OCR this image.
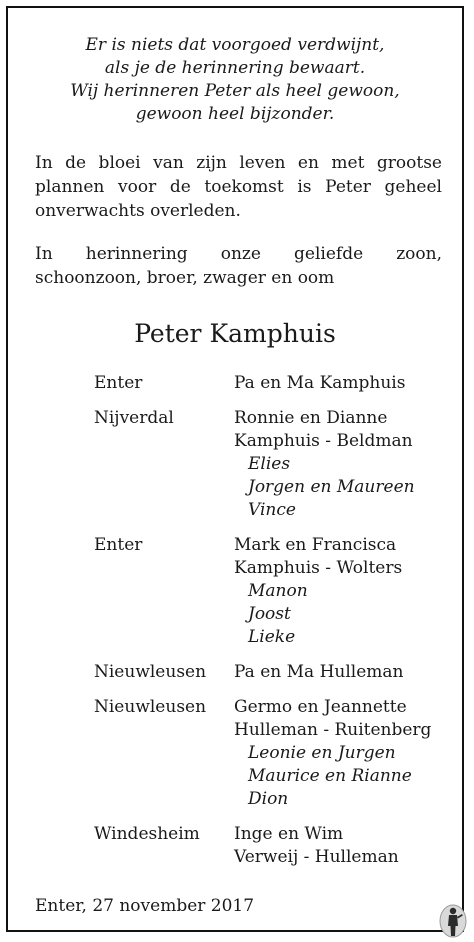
Er is niets dat voorgoed verdwijnt,
als je de herinnering bewaart.
Wij herinneren Peter als heel gewoon,
gewoon heel bijzonder.
In de bloei van zijn leven en met grootse plannen voor de toekomst is Peter geheel onverwachts overleden.
In herinnering onze geliefde zoon, schoonzoon, broer, zwager en oom
Peter Kamphuis
Enter	Pa en Ma Kamphuis
Nijverdal	Ronnie en Dianne
Kamphuis - Beldman
Elies
Jorgen en Maureen
Vince
Enter	Mark en Francisca
Kamphuis - Wolters
Manon
Joost
Lieke
Nieuwleusen	Pa en Ma Hulleman
Nieuwleusen	Germo en Jeannette
Hulleman - Ruitenberg
Leonie en Jurgen
Maurice en Rianne
Dion
Windesheim	Inge en Wim
Verweij - Hulleman
Enter, 27 november 2017
